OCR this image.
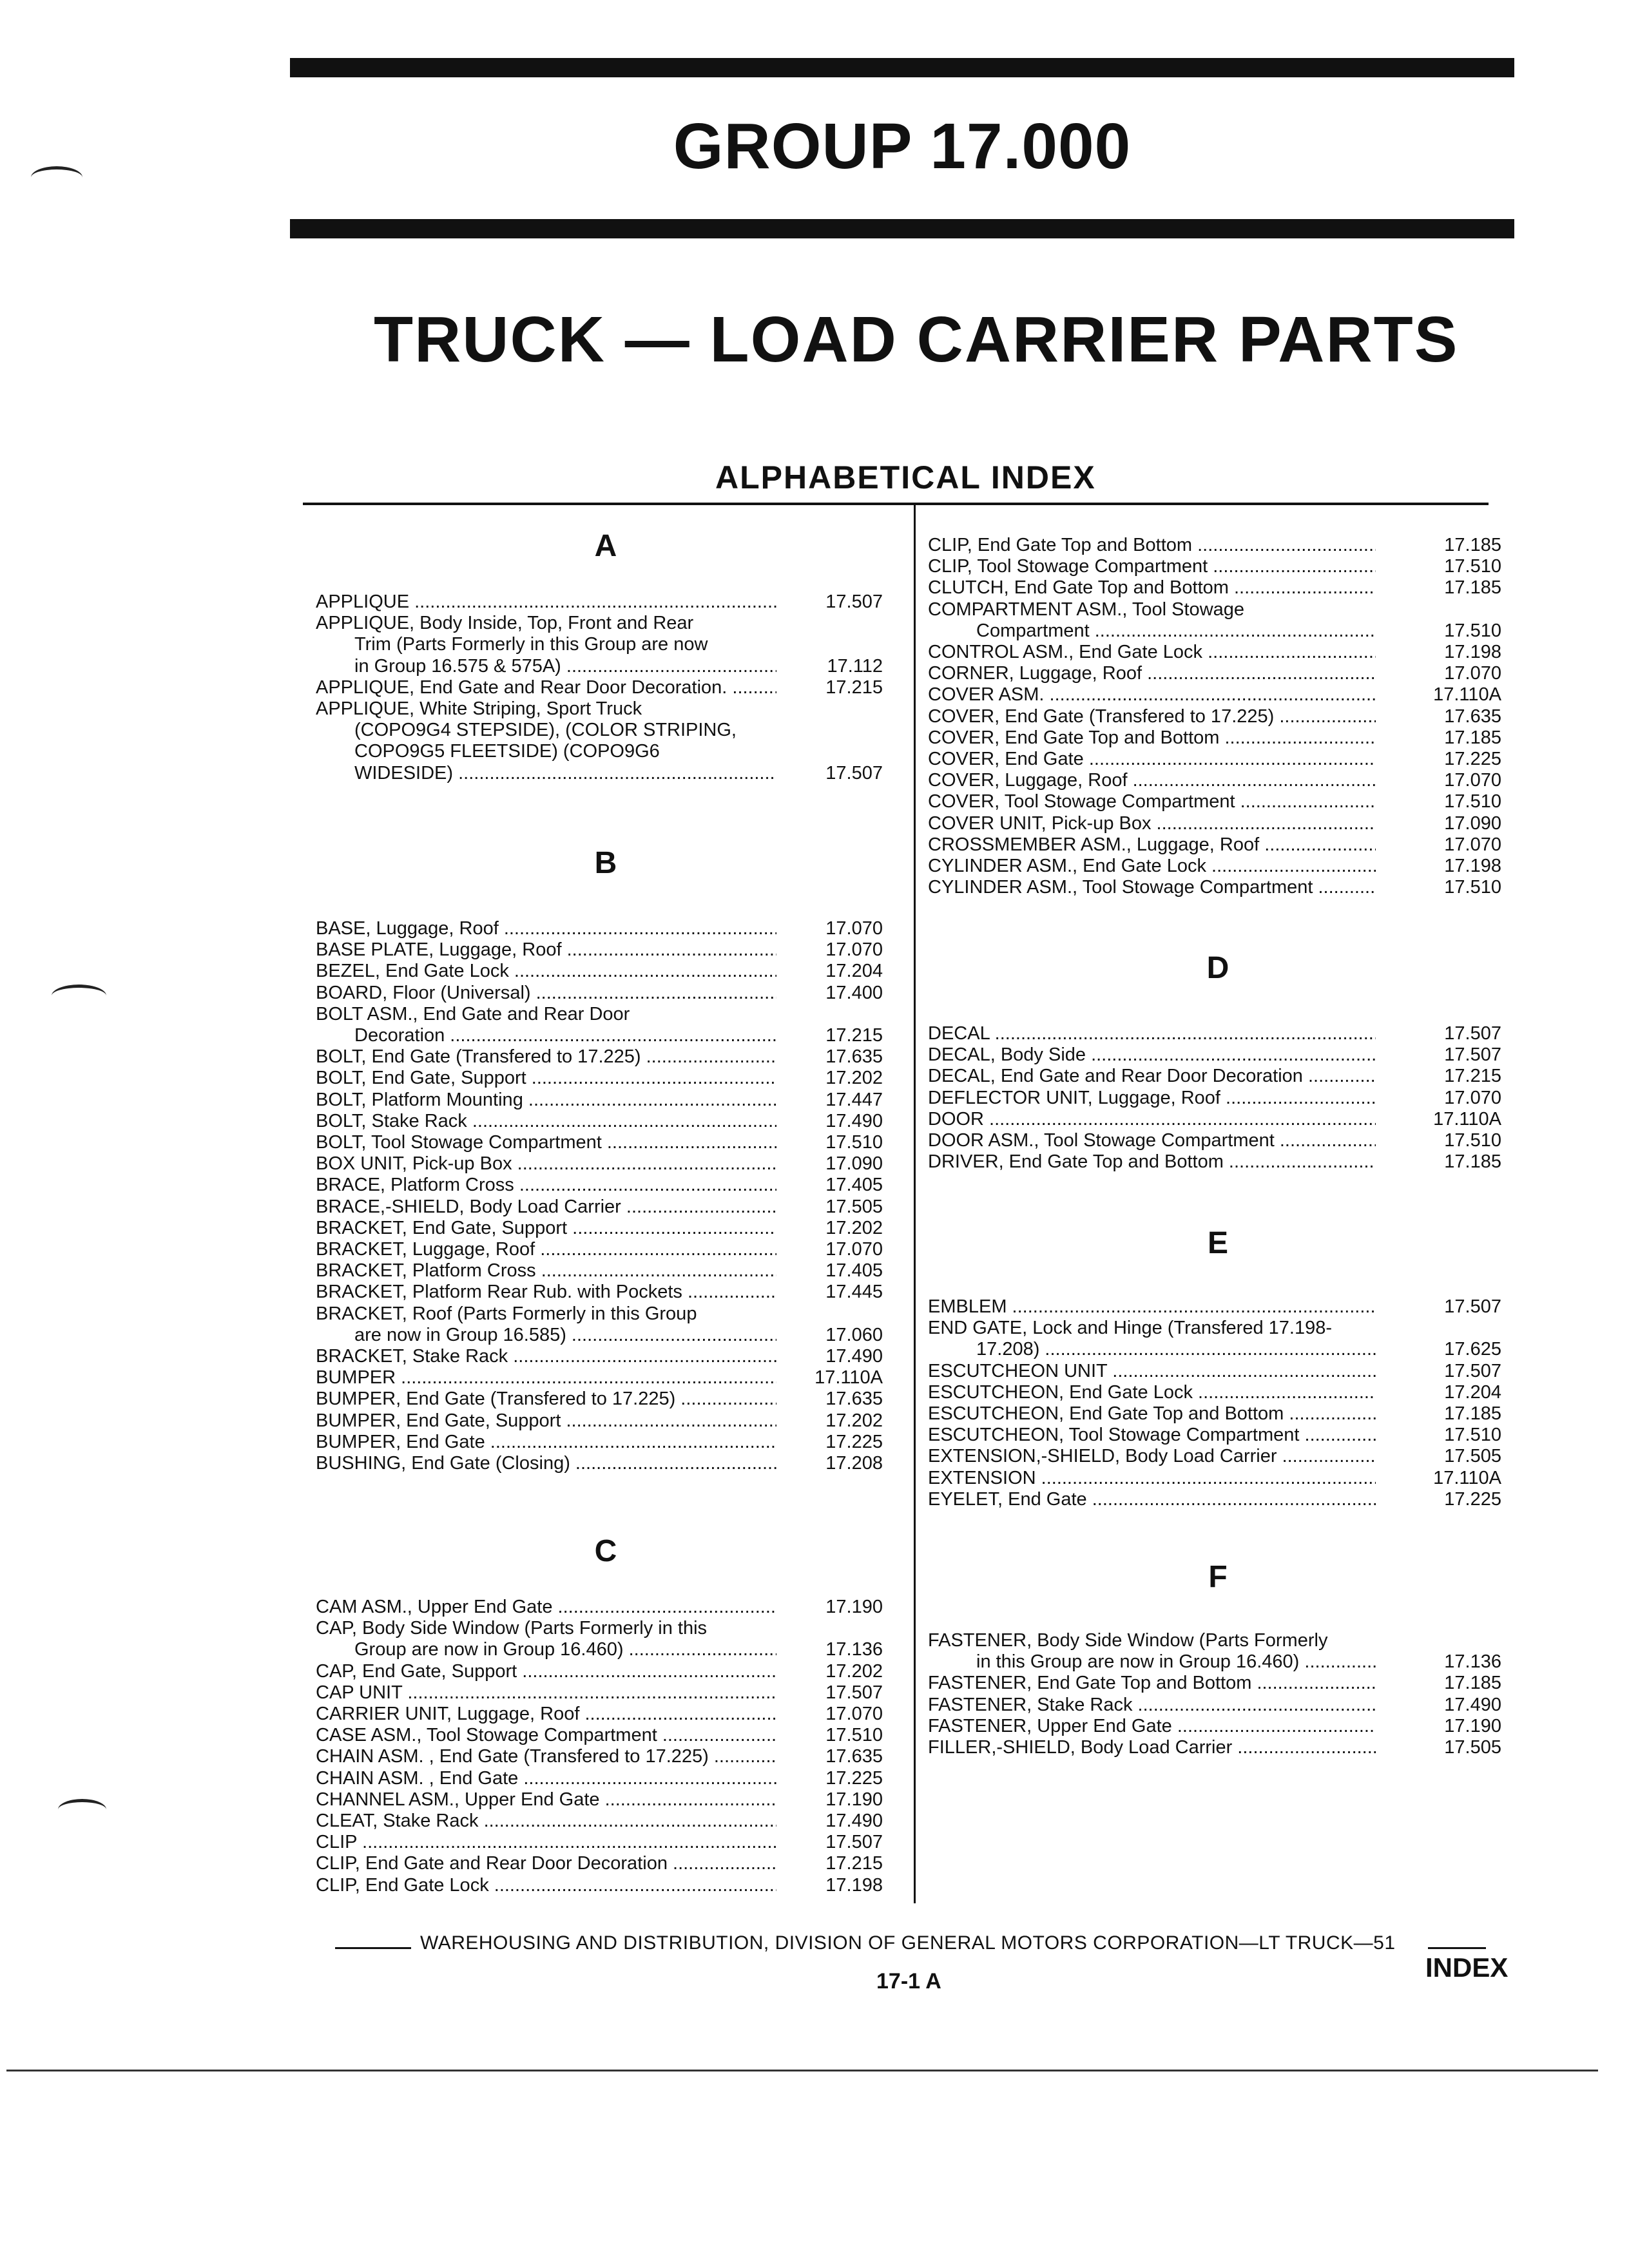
GROUP 17.000
TRUCK — LOAD CARRIER PARTS
ALPHABETICAL INDEX
A
APPLIQUE .....	17.507
APPLIQUE, Body Inside, Top, Front and Rear
Trim (Parts Formerly in this Group are now
in Group 16.575 & 575A) .....	17.112
APPLIQUE, End Gate and Rear Door Decoration. .....	17.215
APPLIQUE, White Striping, Sport Truck
(COPO9G4 STEPSIDE), (COLOR STRIPING,
COPO9G5 FLEETSIDE) (COPO9G6
WIDESIDE) .....	17.507
B
BASE, Luggage, Roof .....	17.070
BASE PLATE, Luggage, Roof .....	17.070
BEZEL, End Gate Lock .....	17.204
BOARD, Floor (Universal) .....	17.400
BOLT ASM., End Gate and Rear Door
Decoration .....	17.215
BOLT, End Gate (Transfered to 17.225) .....	17.635
BOLT, End Gate, Support .....	17.202
BOLT, Platform Mounting .....	17.447
BOLT, Stake Rack .....	17.490
BOLT, Tool Stowage Compartment .....	17.510
BOX UNIT, Pick-up Box .....	17.090
BRACE, Platform Cross .....	17.405
BRACE,-SHIELD, Body Load Carrier .....	17.505
BRACKET, End Gate, Support .....	17.202
BRACKET, Luggage, Roof .....	17.070
BRACKET, Platform Cross .....	17.405
BRACKET, Platform Rear Rub. with Pockets .....	17.445
BRACKET, Roof (Parts Formerly in this Group
are now in Group 16.585) .....	17.060
BRACKET, Stake Rack .....	17.490
BUMPER .....	17.110A
BUMPER, End Gate (Transfered to 17.225) .....	17.635
BUMPER, End Gate, Support .....	17.202
BUMPER, End Gate .....	17.225
BUSHING, End Gate (Closing) .....	17.208
C
CAM ASM., Upper End Gate .....	17.190
CAP, Body Side Window (Parts Formerly in this
Group are now in Group 16.460) .....	17.136
CAP, End Gate, Support .....	17.202
CAP UNIT .....	17.507
CARRIER UNIT, Luggage, Roof .....	17.070
CASE ASM., Tool Stowage Compartment .....	17.510
CHAIN ASM. , End Gate (Transfered to 17.225) .....	17.635
CHAIN ASM. , End Gate .....	17.225
CHANNEL ASM., Upper End Gate .....	17.190
CLEAT, Stake Rack .....	17.490
CLIP .....	17.507
CLIP, End Gate and Rear Door Decoration .....	17.215
CLIP, End Gate Lock .....	17.198
CLIP, End Gate Top and Bottom .....	17.185
CLIP, Tool Stowage Compartment .....	17.510
CLUTCH, End Gate Top and Bottom .....	17.185
COMPARTMENT ASM., Tool Stowage
Compartment .....	17.510
CONTROL ASM., End Gate Lock .....	17.198
CORNER, Luggage, Roof .....	17.070
COVER ASM. .....	17.110A
COVER, End Gate (Transfered to 17.225) .....	17.635
COVER, End Gate Top and Bottom .....	17.185
COVER, End Gate .....	17.225
COVER, Luggage, Roof .....	17.070
COVER, Tool Stowage Compartment .....	17.510
COVER UNIT, Pick-up Box .....	17.090
CROSSMEMBER ASM., Luggage, Roof .....	17.070
CYLINDER ASM., End Gate Lock .....	17.198
CYLINDER ASM., Tool Stowage Compartment .....	17.510
D
DECAL .....	17.507
DECAL, Body Side .....	17.507
DECAL, End Gate and Rear Door Decoration .....	17.215
DEFLECTOR UNIT, Luggage, Roof .....	17.070
DOOR .....	17.110A
DOOR ASM., Tool Stowage Compartment .....	17.510
DRIVER, End Gate Top and Bottom .....	17.185
E
EMBLEM .....	17.507
END GATE, Lock and Hinge (Transfered 17.198-
17.208) .....	17.625
ESCUTCHEON UNIT .....	17.507
ESCUTCHEON, End Gate Lock .....	17.204
ESCUTCHEON, End Gate Top and Bottom .....	17.185
ESCUTCHEON, Tool Stowage Compartment .....	17.510
EXTENSION,-SHIELD, Body Load Carrier .....	17.505
EXTENSION .....	17.110A
EYELET, End Gate .....	17.225
F
FASTENER, Body Side Window (Parts Formerly
in this Group are now in Group 16.460) .....	17.136
FASTENER, End Gate Top and Bottom .....	17.185
FASTENER, Stake Rack .....	17.490
FASTENER, Upper End Gate .....	17.190
FILLER,-SHIELD, Body Load Carrier .....	17.505
WAREHOUSING AND DISTRIBUTION, DIVISION OF GENERAL MOTORS CORPORATION—LT TRUCK—51
17-1 A	INDEX
